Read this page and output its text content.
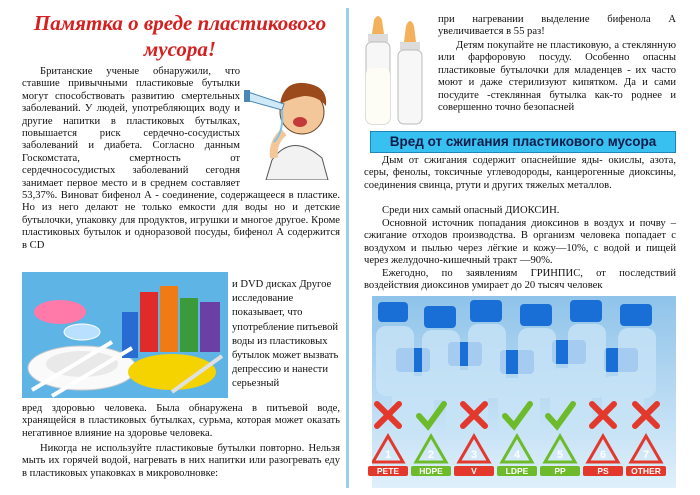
Памятка о вреде пластикового мусора!

Британские ученые обнаружили, что ставшие привычными пластиковые бутылки могут способствовать развитию смертельных заболеваний. У людей, употребляющих воду и другие напитки в пластиковых бутылках, повышается риск сердечно-сосудистых заболеваний и диабета. Согласно данным Госкомстата, смертность от сердечнососудистых заболеваний сегодня занимает первое место и в среднем составляет 53,37%. Виноват бифенол А - соединение, содержащееся в пластике. Но из него делают не только емкости для воды но и детские бутылочки, упаковку для продуктов, игрушки и многое другое. Кроме пластиковых бутылок и одноразовой посуды, бифенол А содержится в CD

и DVD дисках Другое исследование показывает, что употребление питьевой воды из пластиковых бутылок может вызвать депрессию и нанести серьезный
вред здоровью человека. Была обнаружена в питьевой воде, хранящейся в пластиковых бутылках, сурьма, которая может оказать негативное влияние на здоровье человека.
Никогда не используйте пластиковые бутылки повторно. Нельзя мыть их горячей водой, нагревать в них напитки или разогревать еду в пластиковых упаковках в микроволновке:
при нагревании выделение бифенола А увеличивается в 55 раз!
Детям покупайте не пластиковую, а стеклянную или фарфоровую посуду. Особенно опасны пластиковые бутылочки для младенцев - их часто моют и даже стерилизуют кипятком. Да и сами посудите -стеклянная бутылка как-то роднее и совершенно точно безопасней
Вред от сжигания пластикового мусора
Дым от сжигания содержит опаснейшие яды- окислы, азота, серы, фенолы, токсичные углеводороды, канцерогенные диоксины, соединения свинца, ртути и других тяжелых металлов.
Среди них самый опасный ДИОКСИН.
Основной источник попадания диоксинов в воздух и почву – сжигание отходов производства. В организм человека попадает с воздухом и пылью через лёгкие и кожу—10%, с водой и пищей через желудочно-кишечный тракт —90%.
Ежегодно, по заявлениям ГРИНПИС, от последствий воздействия диоксинов умирает до 20 тысяч человек
1	2	3	4	5	6	7
PETE	HDPE	V	LDPE	PP	PS	OTHER
